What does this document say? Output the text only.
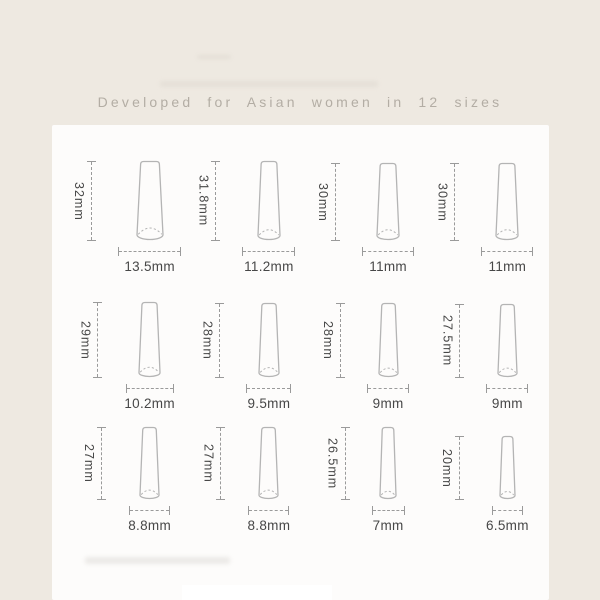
Developed for Asian women in 12 sizes
32mm
13.5mm
31.8mm
11.2mm
30mm
11mm
30mm
11mm
29mm
10.2mm
28mm
9.5mm
28mm
9mm
27.5mm
9mm
27mm
8.8mm
27mm
8.8mm
26.5mm
7mm
20mm
6.5mm
